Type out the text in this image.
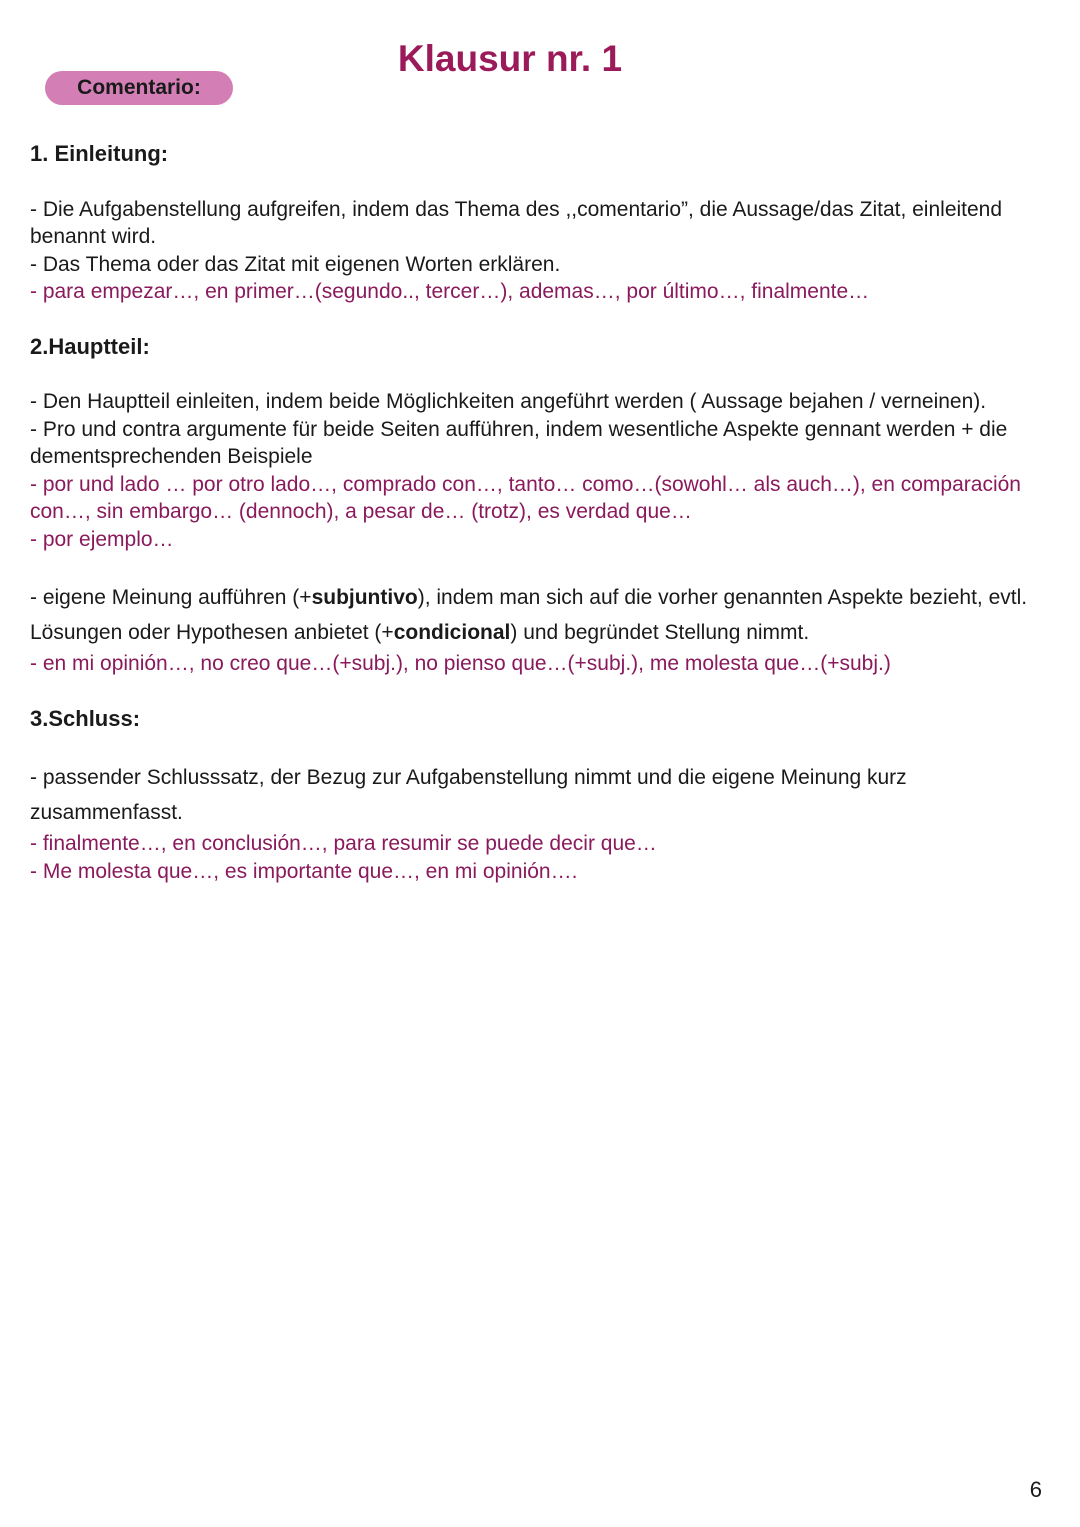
Klausur nr. 1
Comentario:

1. Einleitung:

- Die Aufgabenstellung aufgreifen, indem das Thema des ,,comentario”, die Aussage/das Zitat, einleitend benannt wird.

- Das Thema oder das Zitat mit eigenen Worten erklären.

- para empezar…, en primer…(segundo.., tercer…), ademas…, por último…, finalmente…

2.Hauptteil:

- Den Hauptteil einleiten, indem beide Möglichkeiten angeführt werden ( Aussage bejahen / verneinen).

- Pro und contra argumente für beide Seiten aufführen, indem wesentliche Aspekte gennant werden + die dementsprechenden Beispiele

- por und lado … por otro lado…, comprado con…, tanto… como…(sowohl… als auch…), en comparación con…, sin embargo… (dennoch), a pesar de… (trotz), es verdad que…

- por ejemplo…

- eigene Meinung aufführen (+subjuntivo), indem man sich auf die vorher genannten Aspekte bezieht, evtl. Lösungen oder Hypothesen anbietet (+condicional) und begründet Stellung nimmt.

- en mi opinión…, no creo que…(+subj.), no pienso que…(+subj.), me molesta que…(+subj.)

3.Schluss:

- passender Schlusssatz, der Bezug zur Aufgabenstellung nimmt und die eigene Meinung kurz zusammenfasst.

- finalmente…, en conclusión…, para resumir se puede decir que…

- Me molesta que…, es importante que…, en mi opinión….

6
